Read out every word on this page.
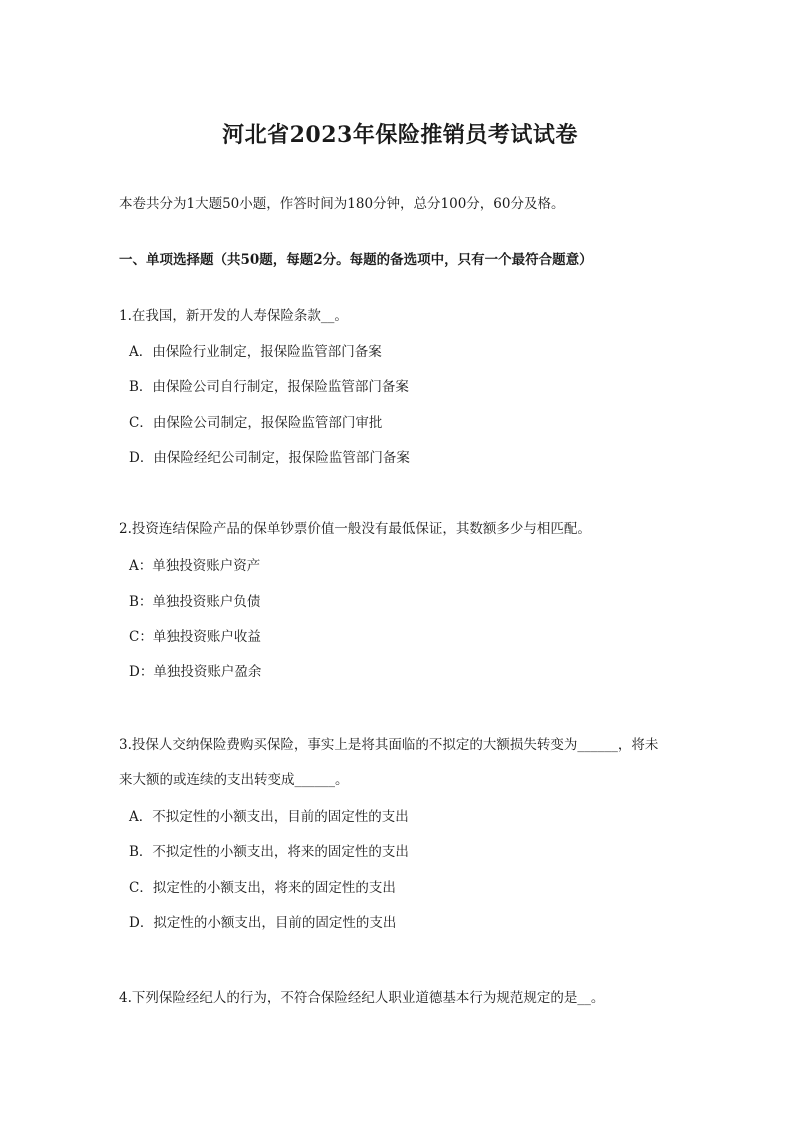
河北省2023年保险推销员考试试卷
本卷共分为1大题50小题，作答时间为180分钟，总分100分，60分及格。
一、单项选择题（共50题，每题2分。每题的备选项中，只有一个最符合题意）
1.在我国，新开发的人寿保险条款__。
A．由保险行业制定，报保险监管部门备案
B．由保险公司自行制定，报保险监管部门备案
C．由保险公司制定，报保险监管部门审批
D．由保险经纪公司制定，报保险监管部门备案
2.投资连结保险产品的保单钞票价值一般没有最低保证，其数额多少与相匹配。
A：单独投资账户资产
B：单独投资账户负债
C：单独投资账户收益
D：单独投资账户盈余
3.投保人交纳保险费购买保险，事实上是将其面临的不拟定的大额损失转变为______，将未
来大额的或连续的支出转变成______。
A．不拟定性的小额支出，目前的固定性的支出
B．不拟定性的小额支出，将来的固定性的支出
C．拟定性的小额支出，将来的固定性的支出
D．拟定性的小额支出，目前的固定性的支出
4.下列保险经纪人的行为，不符合保险经纪人职业道德基本行为规范规定的是__。
